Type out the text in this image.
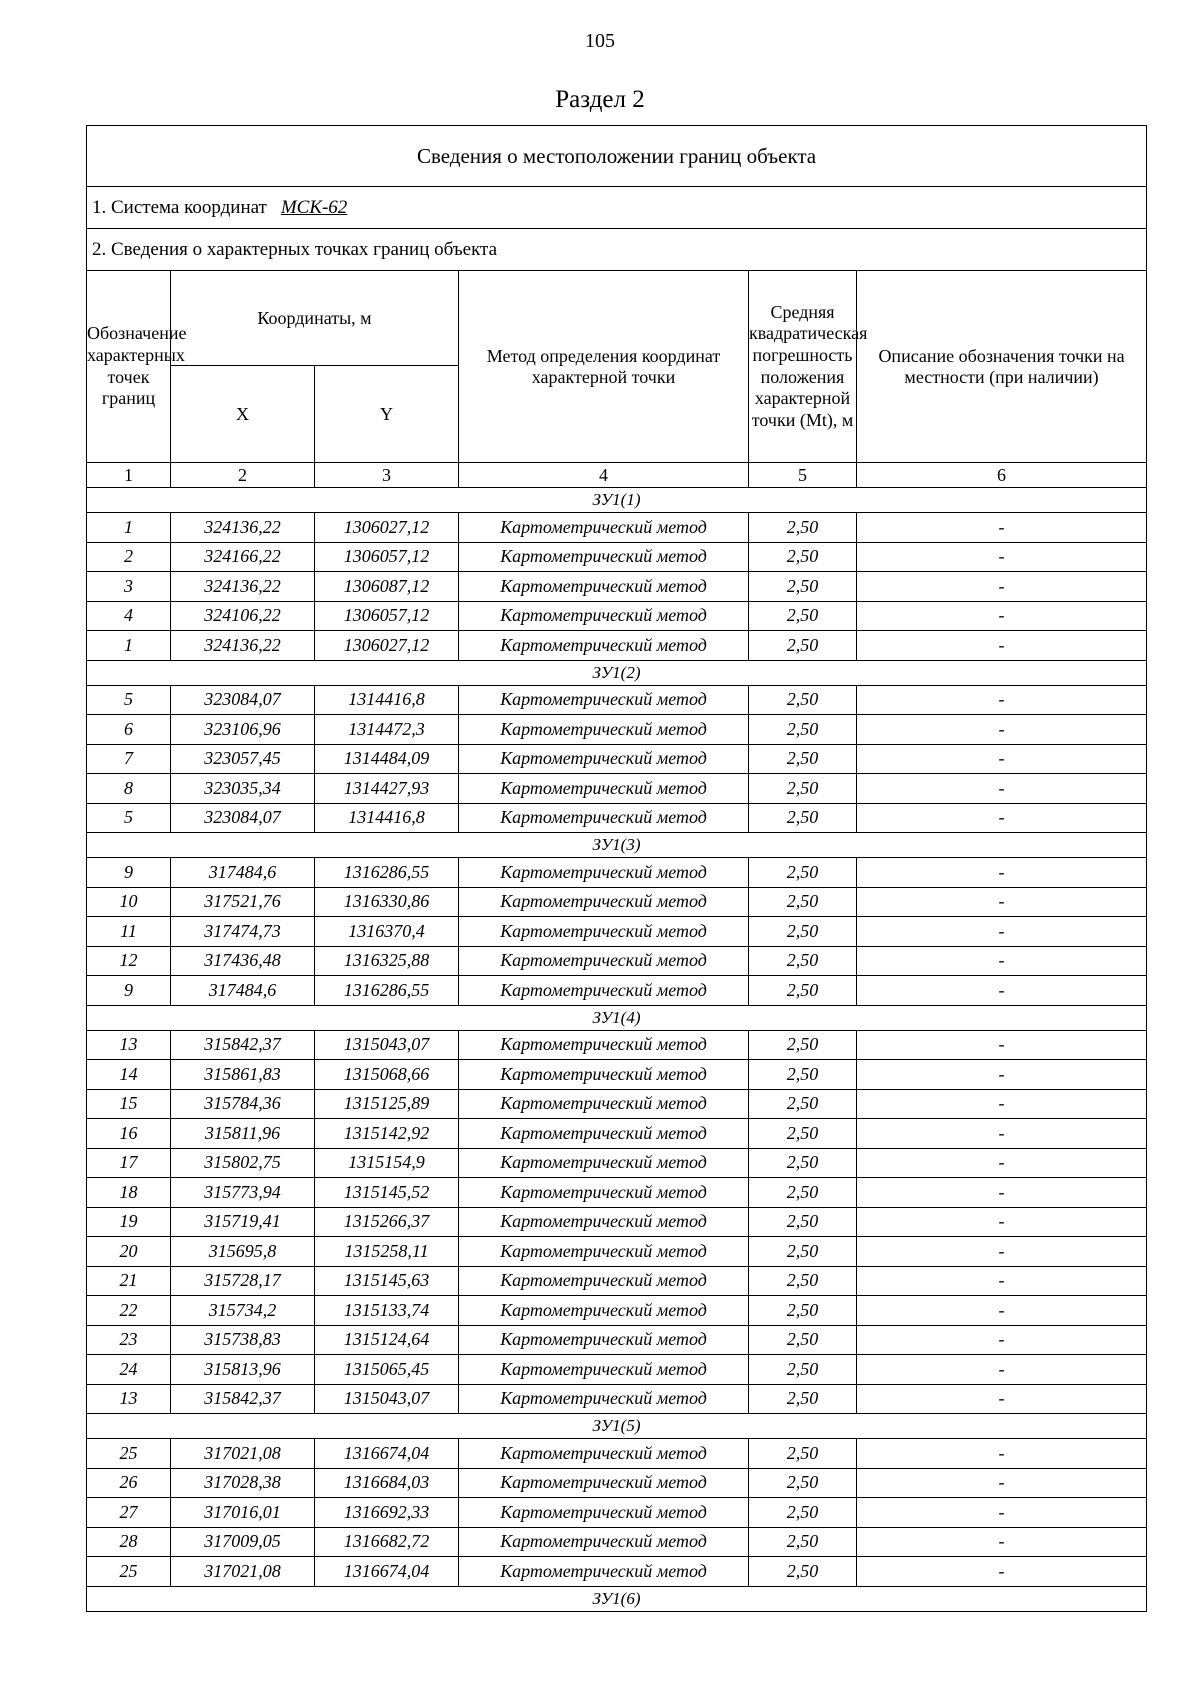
105
Раздел 2
Сведения о местоположении границ объекта					
1. Система координат МСК-62					
2. Сведения о характерных точках границ объекта					
Обозначение характерных точек границ	Координаты, м		Метод определения координат характерной точки	Средняя квадратическая погрешность положения характерной точки (Mt), м	Описание обозначения точки на местности (при наличии)
	X	Y			
1	2	3	4	5	6
ЗУ1(1)					
1	324136,22	1306027,12	Картометрический метод	2,50	-
2	324166,22	1306057,12	Картометрический метод	2,50	-
3	324136,22	1306087,12	Картометрический метод	2,50	-
4	324106,22	1306057,12	Картометрический метод	2,50	-
1	324136,22	1306027,12	Картометрический метод	2,50	-
ЗУ1(2)					
5	323084,07	1314416,8	Картометрический метод	2,50	-
6	323106,96	1314472,3	Картометрический метод	2,50	-
7	323057,45	1314484,09	Картометрический метод	2,50	-
8	323035,34	1314427,93	Картометрический метод	2,50	-
5	323084,07	1314416,8	Картометрический метод	2,50	-
ЗУ1(3)					
9	317484,6	1316286,55	Картометрический метод	2,50	-
10	317521,76	1316330,86	Картометрический метод	2,50	-
11	317474,73	1316370,4	Картометрический метод	2,50	-
12	317436,48	1316325,88	Картометрический метод	2,50	-
9	317484,6	1316286,55	Картометрический метод	2,50	-
ЗУ1(4)					
13	315842,37	1315043,07	Картометрический метод	2,50	-
14	315861,83	1315068,66	Картометрический метод	2,50	-
15	315784,36	1315125,89	Картометрический метод	2,50	-
16	315811,96	1315142,92	Картометрический метод	2,50	-
17	315802,75	1315154,9	Картометрический метод	2,50	-
18	315773,94	1315145,52	Картометрический метод	2,50	-
19	315719,41	1315266,37	Картометрический метод	2,50	-
20	315695,8	1315258,11	Картометрический метод	2,50	-
21	315728,17	1315145,63	Картометрический метод	2,50	-
22	315734,2	1315133,74	Картометрический метод	2,50	-
23	315738,83	1315124,64	Картометрический метод	2,50	-
24	315813,96	1315065,45	Картометрический метод	2,50	-
13	315842,37	1315043,07	Картометрический метод	2,50	-
ЗУ1(5)					
25	317021,08	1316674,04	Картометрический метод	2,50	-
26	317028,38	1316684,03	Картометрический метод	2,50	-
27	317016,01	1316692,33	Картометрический метод	2,50	-
28	317009,05	1316682,72	Картометрический метод	2,50	-
25	317021,08	1316674,04	Картометрический метод	2,50	-
ЗУ1(6)					
